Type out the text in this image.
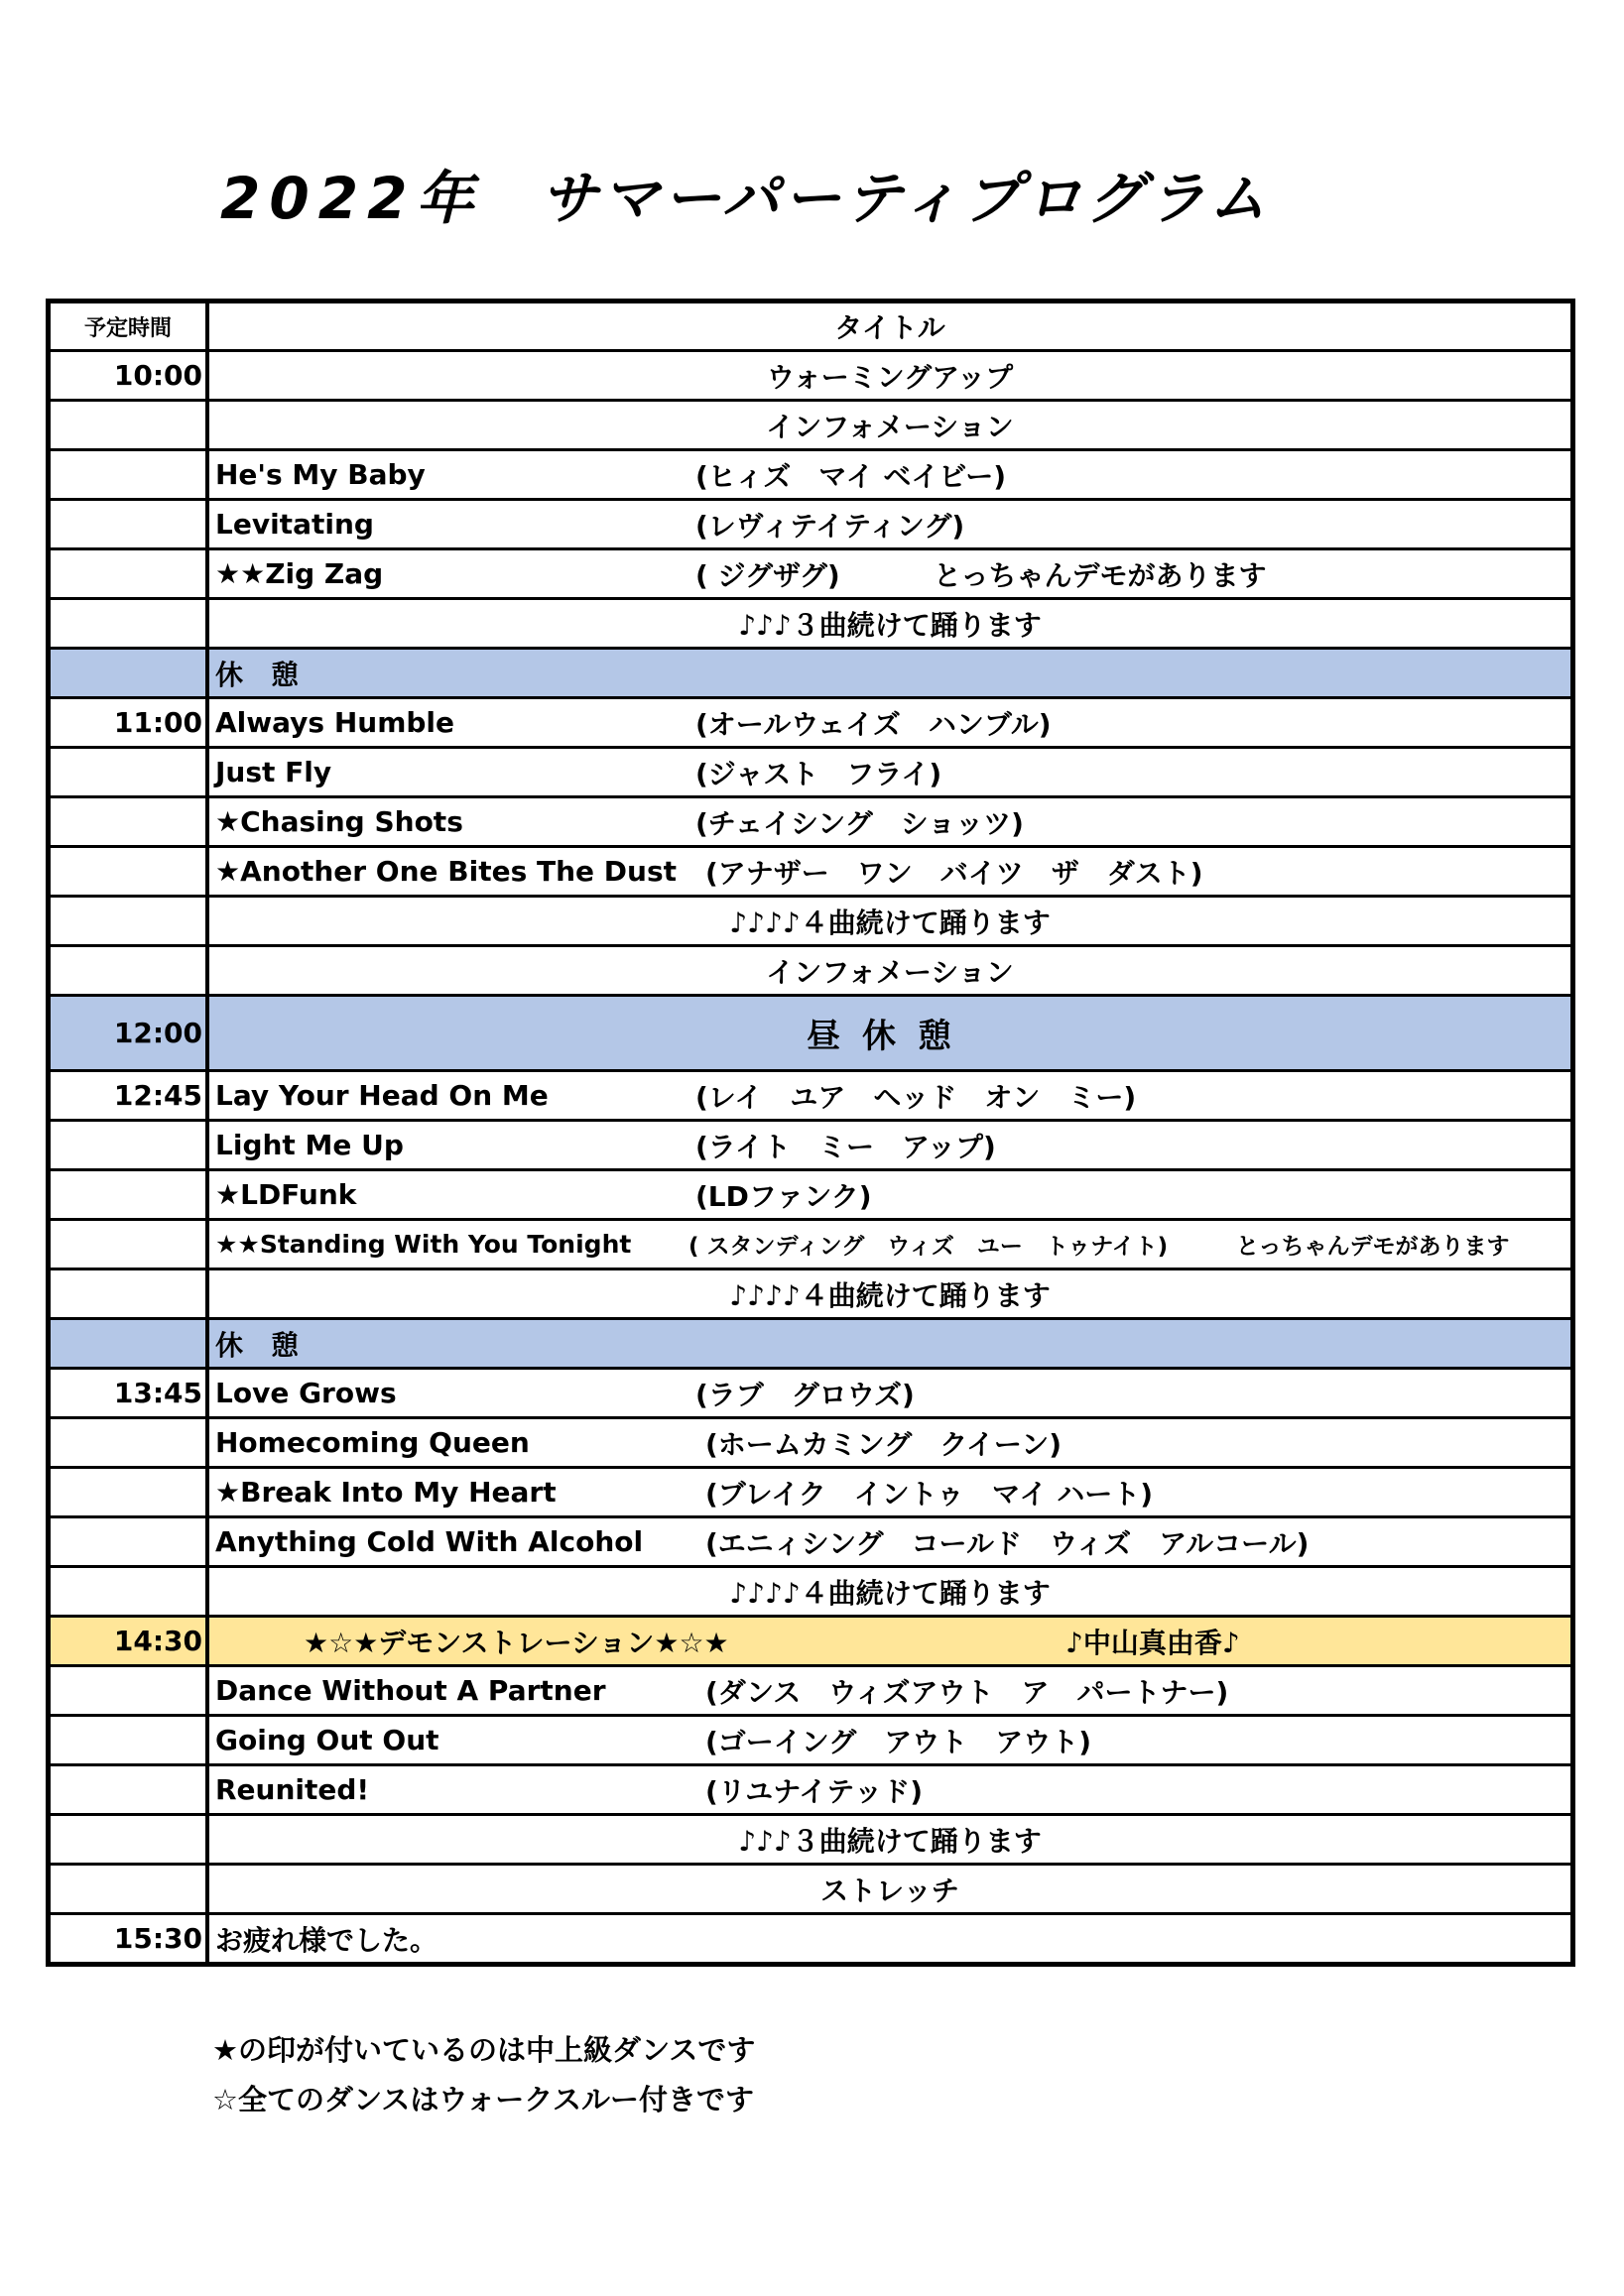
2022年 サマーパーティプログラム
予定時間	タイトル
10:00	ウォーミングアップ
インフォメーション
He's My Baby	(ヒィズ　マイ ベイビー)
Levitating	(レヴィテイティング)
★★Zig Zag	( ジグザグ)	とっちゃんデモがあります
♪♪♪３曲続けて踊ります
休　憩
11:00 Always Humble	(オールウェイズ　ハンブル)
Just Fly	(ジャスト　フライ)
★Chasing Shots	(チェイシング　ショッツ)
★Another One Bites The Dust (アナザー　ワン　バイツ　ザ　ダスト)
♪♪♪♪４曲続けて踊ります
インフォメーション
12:00	昼休憩
12:45 Lay Your Head On Me	(レイ　ユア　ヘッド　オン　ミー)
Light Me Up	(ライト　ミー　アップ)
★LDFunk	(LDファンク)
★★Standing With You Tonight	( スタンディング　ウィズ　ユー　トゥナイト)	とっちゃんデモがあります
♪♪♪♪４曲続けて踊ります
休　憩
13:45 Love Grows	(ラブ　グロウズ)
Homecoming Queen	(ホームカミング　クイーン)
★Break Into My Heart	(ブレイク　イントゥ　マイ ハート)
Anything Cold With Alcohol (エニィシング　コールド　ウィズ　アルコール)
♪♪♪♪４曲続けて踊ります
14:30	★☆★デモンストレーション★☆★	♪中山真由香♪
Dance Without A Partner	(ダンス　ウィズアウト　ア　パートナー)
Going Out Out	(ゴーイング　アウト　アウト)
Reunited!	(リユナイテッド)
♪♪♪３曲続けて踊ります
ストレッチ
15:30 お疲れ様でした。
★の印が付いているのは中上級ダンスです
☆全てのダンスはウォークスルー付きです
